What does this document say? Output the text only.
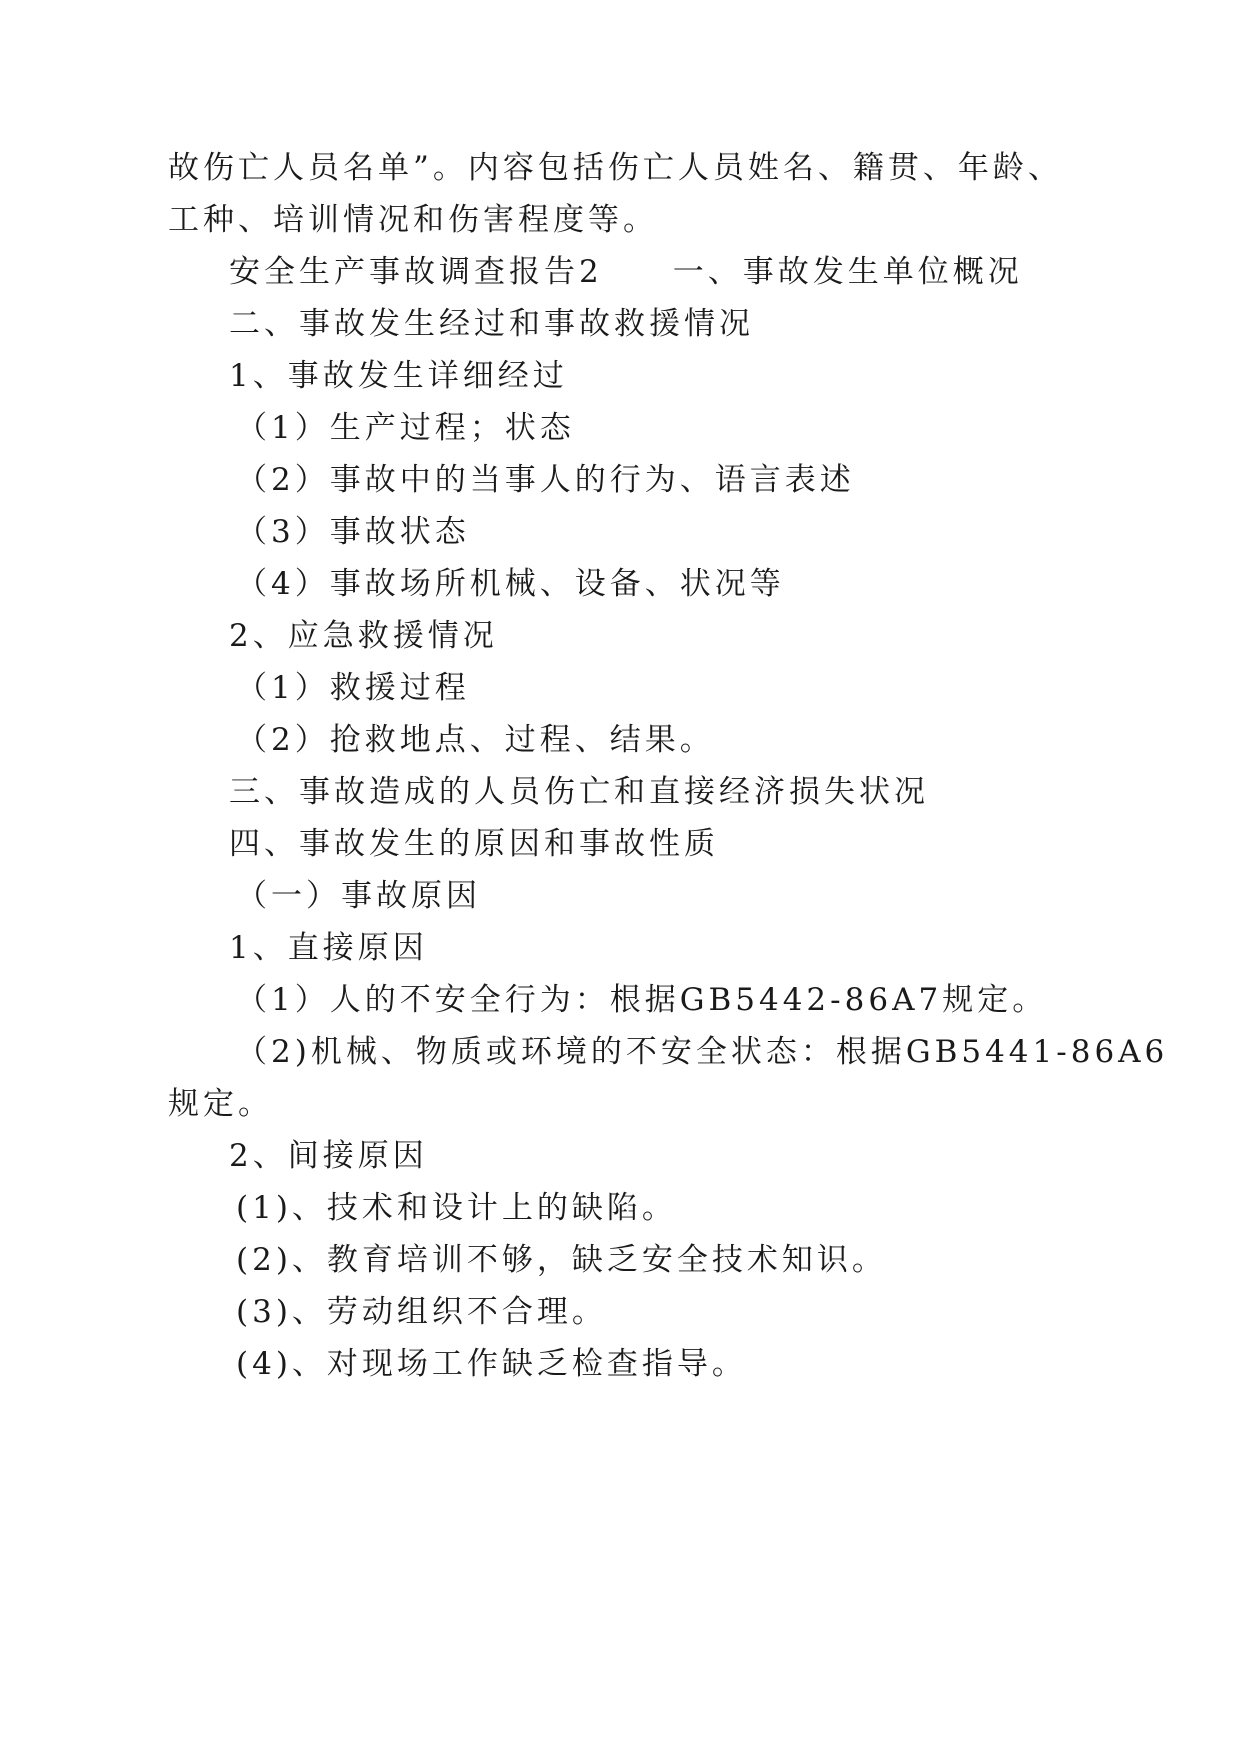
故伤亡人员名单”。内容包括伤亡人员姓名、籍贯、年龄、
工种、培训情况和伤害程度等。
安全生产事故调查报告2 一、事故发生单位概况
二、事故发生经过和事故救援情况
1、事故发生详细经过
（1）生产过程；状态
（2）事故中的当事人的行为、语言表述
（3）事故状态
（4）事故场所机械、设备、状况等
2、应急救援情况
（1）救援过程
（2）抢救地点、过程、结果。
三、事故造成的人员伤亡和直接经济损失状况
四、事故发生的原因和事故性质
（一）事故原因
1、直接原因
（1）人的不安全行为：根据GB5442-86A7规定。
（2)机械、物质或环境的不安全状态：根据GB5441-86A6
规定。
2、间接原因
(1)、技术和设计上的缺陷。
(2)、教育培训不够，缺乏安全技术知识。
(3)、劳动组织不合理。
(4)、对现场工作缺乏检查指导。
